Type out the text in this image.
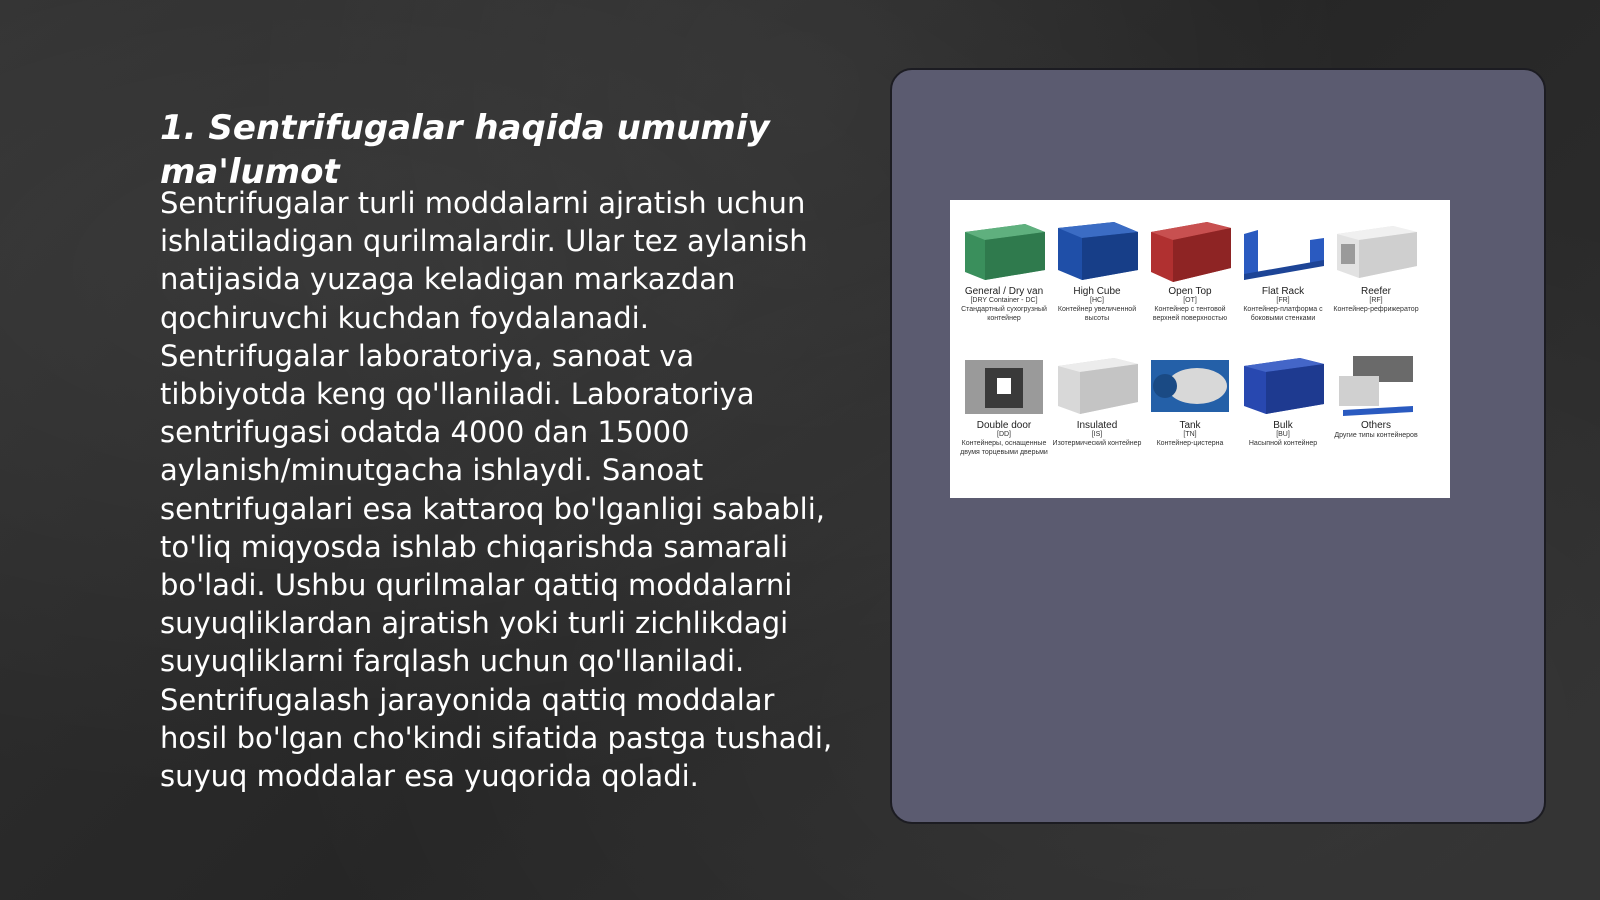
1. Sentrifugalar haqida umumiy ma'lumot

Sentrifugalar turli moddalarni ajratish uchun ishlatiladigan qurilmalardir. Ular tez aylanish natijasida yuzaga keladigan markazdan qochiruvchi kuchdan foydalanadi. Sentrifugalar laboratoriya, sanoat va tibbiyotda keng qo'llaniladi. Laboratoriya sentrifugasi odatda 4000 dan 15000 aylanish/minutgacha ishlaydi. Sanoat sentrifugalari esa kattaroq bo'lganligi sababli, to'liq miqyosda ishlab chiqarishda samarali bo'ladi. Ushbu qurilmalar qattiq moddalarni suyuqliklardan ajratish yoki turli zichlikdagi suyuqliklarni farqlash uchun qo'llaniladi. Sentrifugalash jarayonida qattiq moddalar hosil bo'lgan cho'kindi sifatida pastga tushadi, suyuq moddalar esa yuqorida qoladi.

General / Dry van
[DRY Container - DC]
Стандартный сухогрузный контейнер
High Cube
[HC]
Контейнер увеличенной высоты
Open Top
[OT]
Контейнер с тентовой верхней поверхностью
Flat Rack
[FR]
Контейнер-платформа с боковыми стенками
Reefer
[RF]
Контейнер-рефрижератор
Double door
[DD]
Контейнеры, оснащенные двумя торцевыми дверьми
Insulated
[IS]
Изотермический контейнер
Tank
[TN]
Контейнер-цистерна
Bulk
[BU]
Насыпной контейнер
Others
Другие типы контейнеров
